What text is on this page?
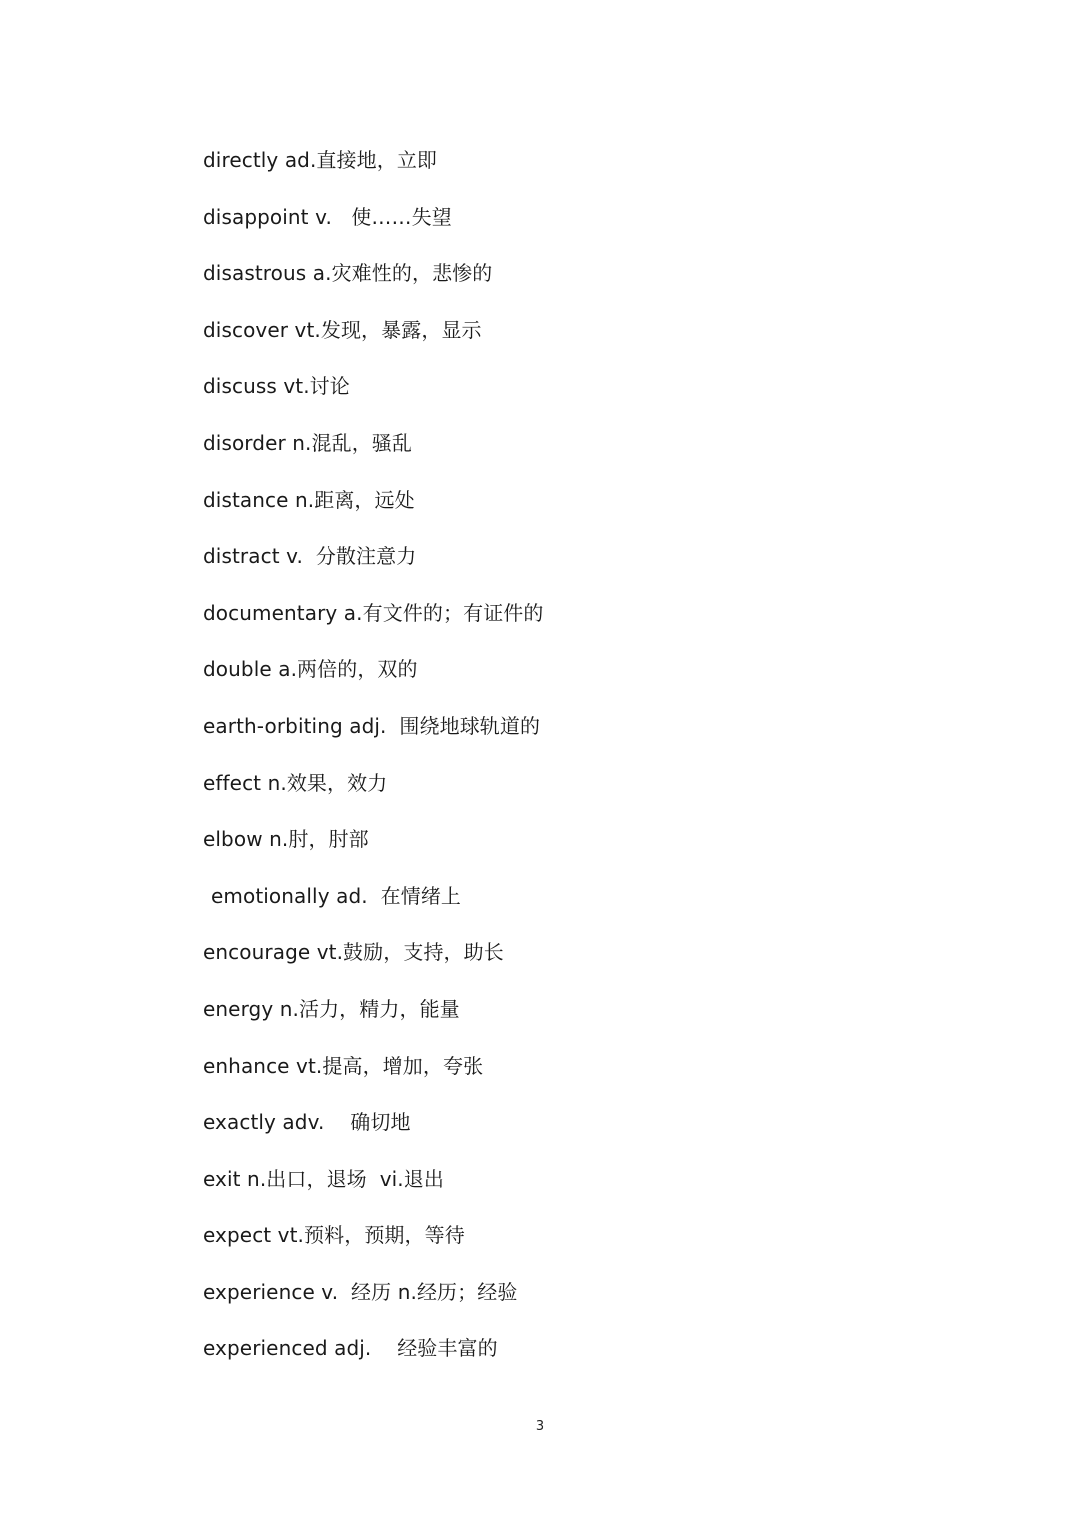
directly ad.直接地，立即
disappoint v.   使……失望
disastrous a.灾难性的，悲惨的
discover vt.发现，暴露，显示
discuss vt.讨论
disorder n.混乱，骚乱
distance n.距离，远处
distract v.  分散注意力
documentary a.有文件的；有证件的
double a.两倍的，双的
earth-orbiting adj.  围绕地球轨道的
effect n.效果，效力
elbow n.肘，肘部
emotionally ad.  在情绪上
encourage vt.鼓励，支持，助长
energy n.活力，精力，能量
enhance vt.提高，增加，夸张
exactly adv.    确切地
exit n.出口，退场  vi.退出
expect vt.预料，预期，等待
experience v.  经历 n.经历；经验
experienced adj.    经验丰富的
3
